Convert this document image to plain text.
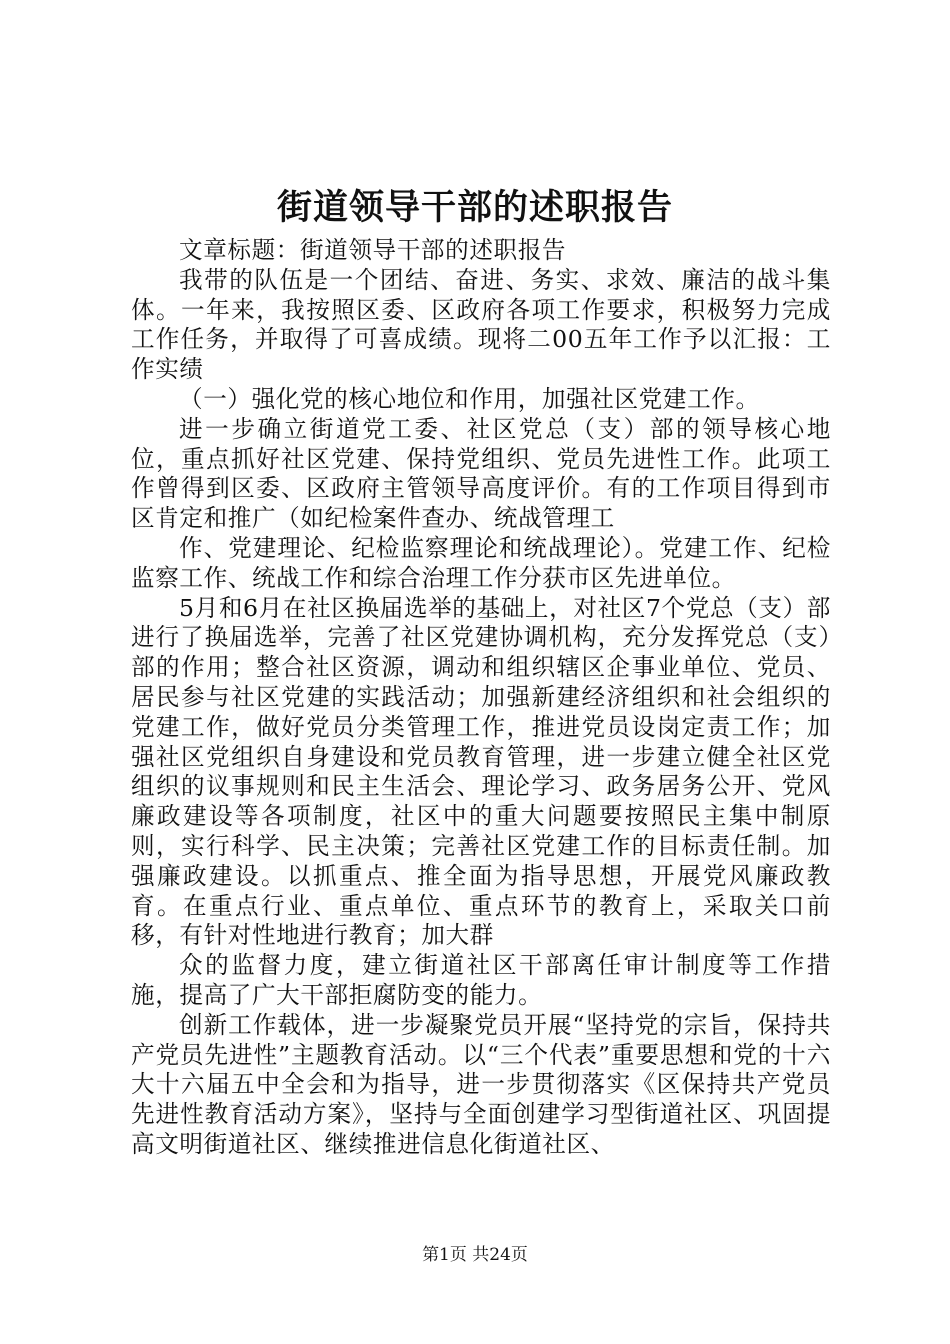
街道领导干部的述职报告

文章标题：街道领导干部的述职报告

我带的队伍是一个团结、奋进、务实、求效、廉洁的战斗集体。一年来，我按照区委、区政府各项工作要求，积极努力完成工作任务，并取得了可喜成绩。现将二00五年工作予以汇报：工作实绩

（一）强化党的核心地位和作用，加强社区党建工作。

进一步确立街道党工委、社区党总（支）部的领导核心地位，重点抓好社区党建、保持党组织、党员先进性工作。此项工作曾得到区委、区政府主管领导高度评价。有的工作项目得到市区肯定和推广（如纪检案件查办、统战管理工

作、党建理论、纪检监察理论和统战理论）。党建工作、纪检监察工作、统战工作和综合治理工作分获市区先进单位。

5月和6月在社区换届选举的基础上，对社区7个党总（支）部进行了换届选举，完善了社区党建协调机构，充分发挥党总（支）部的作用；整合社区资源，调动和组织辖区企事业单位、党员、居民参与社区党建的实践活动；加强新建经济组织和社会组织的党建工作，做好党员分类管理工作，推进党员设岗定责工作；加强社区党组织自身建设和党员教育管理，进一步建立健全社区党组织的议事规则和民主生活会、理论学习、政务居务公开、党风廉政建设等各项制度，社区中的重大问题要按照民主集中制原则，实行科学、民主决策；完善社区党建工作的目标责任制。加强廉政建设。以抓重点、推全面为指导思想，开展党风廉政教育。在重点行业、重点单位、重点环节的教育上，采取关口前移，有针对性地进行教育；加大群

众的监督力度，建立街道社区干部离任审计制度等工作措施，提高了广大干部拒腐防变的能力。

创新工作载体，进一步凝聚党员开展“坚持党的宗旨，保持共产党员先进性”主题教育活动。以“三个代表”重要思想和党的十六大十六届五中全会和为指导，进一步贯彻落实《区保持共产党员先进性教育活动方案》，坚持与全面创建学习型街道社区、巩固提高文明街道社区、继续推进信息化街道社区、

第1页 共24页
